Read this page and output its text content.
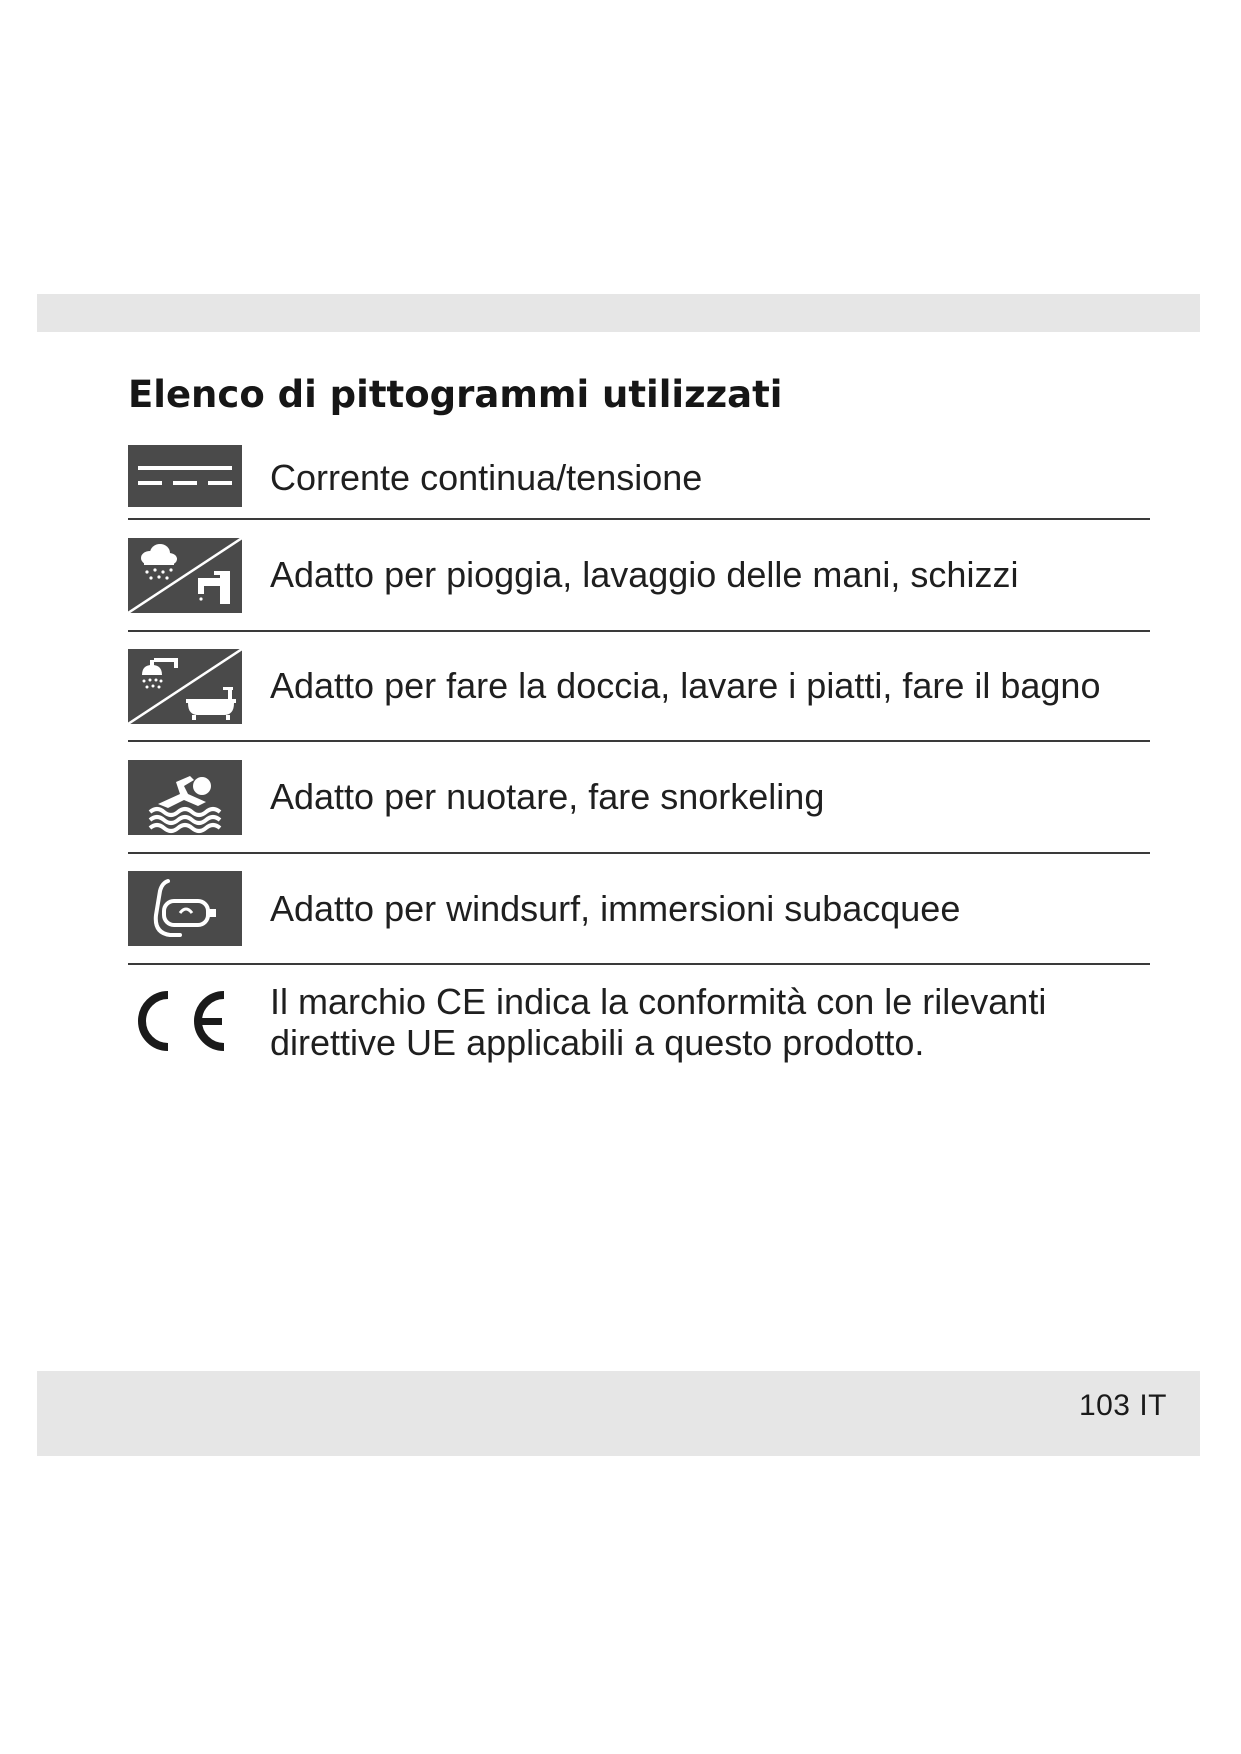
Elenco di pittogrammi utilizzati
Corrente continua/tensione
Adatto per pioggia, lavaggio delle mani, schizzi
Adatto per fare la doccia, lavare i piatti, fare il bagno
Adatto per nuotare, fare snorkeling
Adatto per windsurf, immersioni subacquee
Il marchio CE indica la conformità con le rilevanti
direttive UE applicabili a questo prodotto.
103 IT
